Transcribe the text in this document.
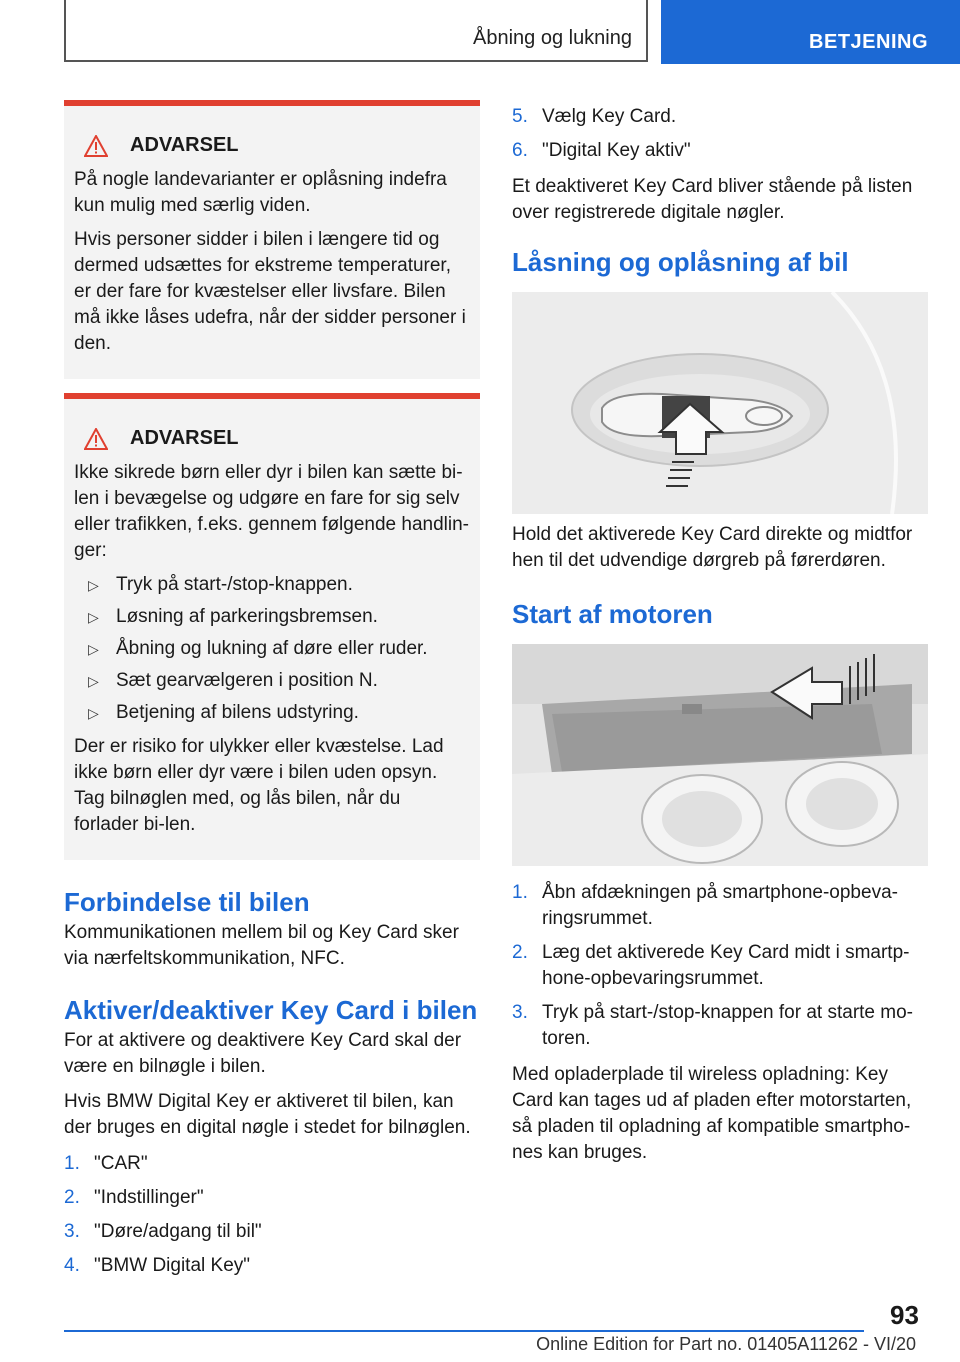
Åbning og lukning	BETJENING
ADVARSEL

På nogle landevarianter er oplåsning indefra kun mulig med særlig viden.

Hvis personer sidder i bilen i længere tid og dermed udsættes for ekstreme temperaturer, er der fare for kvæstelser eller livsfare. Bilen må ikke låses udefra, når der sidder personer i den.

ADVARSEL

Ikke sikrede børn eller dyr i bilen kan sætte bi-len i bevægelse og udgøre en fare for sig selv eller trafikken, f.eks. gennem følgende handlin-ger:

▷ Tryk på start-/stop-knappen.
▷ Løsning af parkeringsbremsen.
▷ Åbning og lukning af døre eller ruder.
▷ Sæt gearvælgeren i position N.
▷ Betjening af bilens udstyring.

Der er risiko for ulykker eller kvæstelse. Lad ikke børn eller dyr være i bilen uden opsyn. Tag bilnøglen med, og lås bilen, når du forlader bi-len.

Forbindelse til bilen

Kommunikationen mellem bil og Key Card sker via nærfeltskommunikation, NFC.

Aktiver/deaktiver Key Card i bilen

For at aktivere og deaktivere Key Card skal der være en bilnøgle i bilen.

Hvis BMW Digital Key er aktiveret til bilen, kan der bruges en digital nøgle i stedet for bilnøglen.

1. "CAR"
2. "Indstillinger"
3. "Døre/adgang til bil"
4. "BMW Digital Key"
5. Vælg Key Card.
6. "Digital Key aktiv"

Et deaktiveret Key Card bliver stående på listen over registrerede digitale nøgler.

Låsning og oplåsning af bil

Hold det aktiverede Key Card direkte og midtfor hen til det udvendige dørgreb på førerdøren.

Start af motoren
1. Åbn afdækningen på smartphone-opbeva-ringsrummet.
2. Læg det aktiverede Key Card midt i smartp-hone-opbevaringsrummet.
3. Tryk på start-/stop-knappen for at starte mo-toren.

Med opladerplade til wireless opladning: Key Card kan tages ud af pladen efter motorstarten, så pladen til opladning af kompatible smartpho-nes kan bruges.

93
Online Edition for Part no. 01405A11262 - VI/20
